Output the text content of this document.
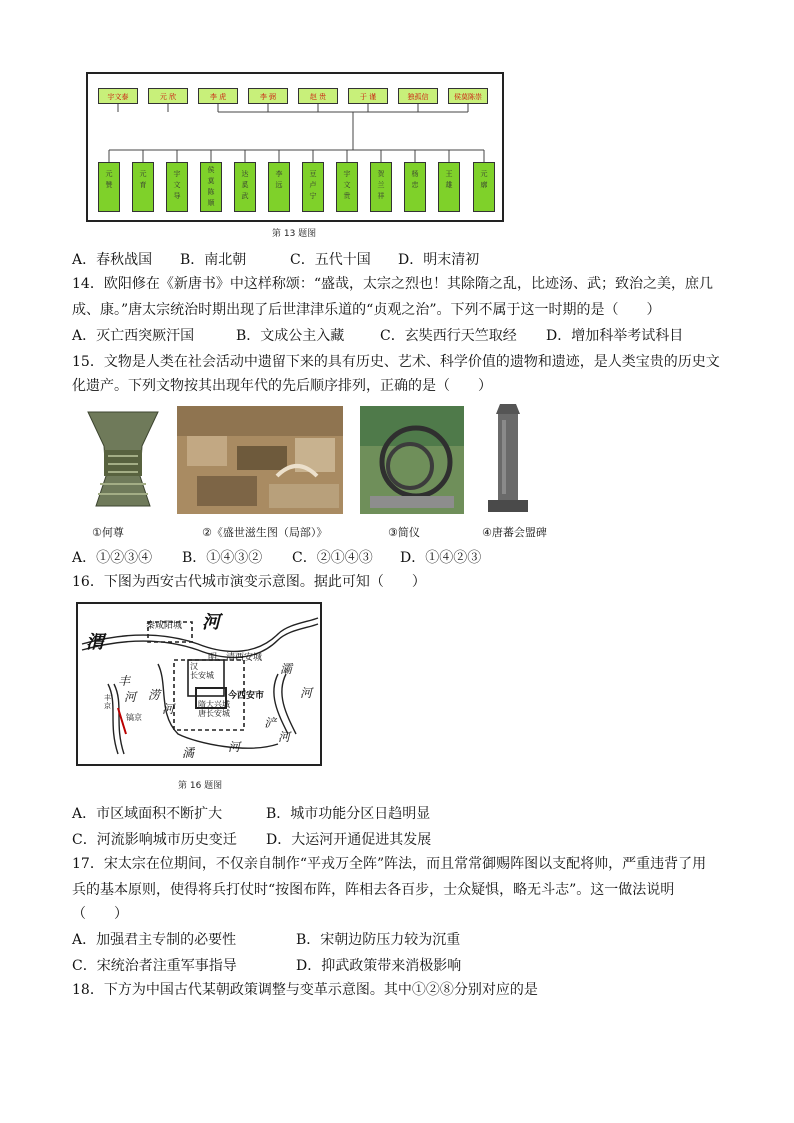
宇文泰	元 欣	李 虎	李 弼	赵 贵	于 谨	独孤信	侯莫陈崇
元
赞
元
育
宇
文
导
侯
莫
陈
顺
达
奚
武
李
远
豆
卢
宁
宇
文
贵
贺
兰
祥
杨
忠
王
雄
元
廓
第 13 题图
A．春秋战国 B．南北朝	C．五代十国 D．明末清初
14．欧阳修在《新唐书》中这样称颂：“盛哉，太宗之烈也！其除隋之乱，比迹汤、武；致治之美，庶几
成、康。”唐太宗统治时期出现了后世津津乐道的“贞观之治”。下列不属于这一时期的是（　　）
A．灭亡西突厥汗国	B．文成公主入藏	C．玄奘西行天竺取经 D．增加科举考试科目
15．文物是人类在社会活动中遗留下来的具有历史、艺术、科学价值的遗物和遗迹，是人类宝贵的历史文
化遗产。下列文物按其出现年代的先后顺序排列，正确的是（　　）
①何尊	②《盛世滋生图（局部）》	③简仪	④唐蕃会盟碑
A．①②③④ B．①④③② C．②①④③ D．①④②③
16．下图为西安古代城市演变示意图。据此可知（　　）
渭
河
秦咸阳城
明、清西安城
汉
长安城
今西安市
隋大兴城
唐长安城
丰
河 涝
河
灞
河
浐
河
丰
京
镐京
潏	河
第 16 题图
A．市区域面积不断扩大	B．城市功能分区日趋明显
C．河流影响城市历史变迁 D．大运河开通促进其发展
17．宋太宗在位期间，不仅亲自制作“平戎万全阵”阵法，而且常常御赐阵图以支配将帅，严重违背了用
兵的基本原则，使得将兵打仗时“按图布阵，阵相去各百步，士众疑惧，略无斗志”。这一做法说明
（　　）
A．加强君主专制的必要性	B．宋朝边防压力较为沉重
C．宋统治者注重军事指导	D．抑武政策带来消极影响
18．下方为中国古代某朝政策调整与变革示意图。其中①②⑧分别对应的是
